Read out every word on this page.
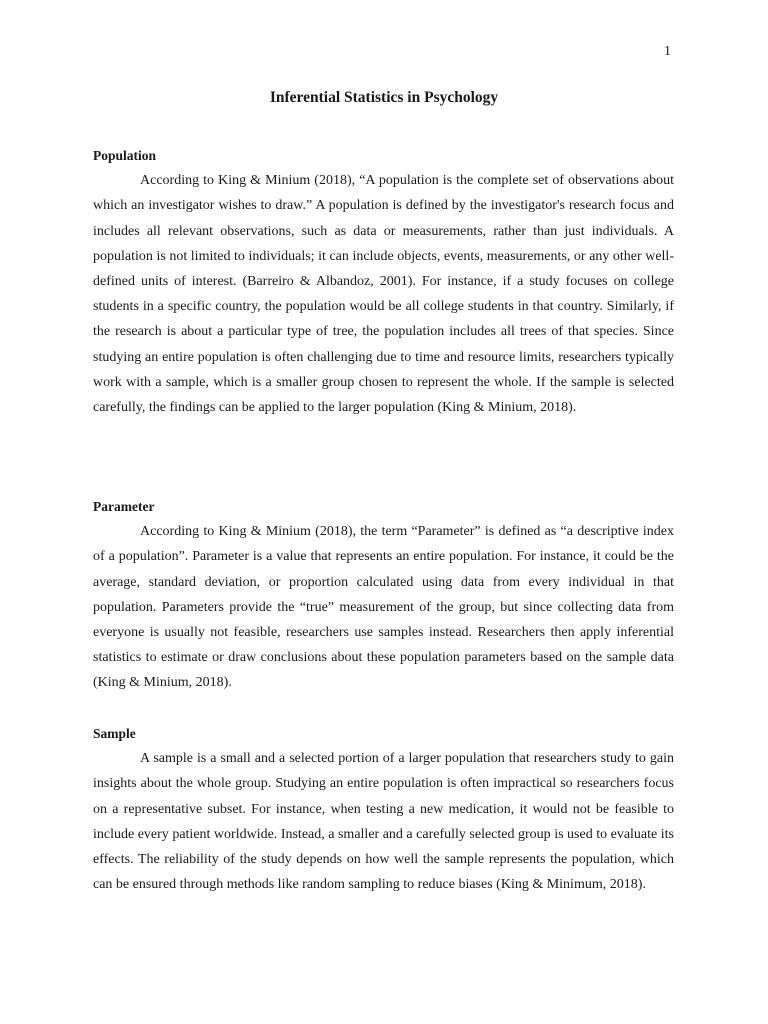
1
Inferential Statistics in Psychology

Population

According to King & Minium (2018), “A population is the complete set of observations about which an investigator wishes to draw.” A population is defined by the investigator's research focus and includes all relevant observations, such as data or measurements, rather than just individuals. A population is not limited to individuals; it can include objects, events, measurements, or any other well-defined units of interest. (Barreiro & Albandoz, 2001). For instance, if a study focuses on college students in a specific country, the population would be all college students in that country. Similarly, if the research is about a particular type of tree, the population includes all trees of that species. Since studying an entire population is often challenging due to time and resource limits, researchers typically work with a sample, which is a smaller group chosen to represent the whole. If the sample is selected carefully, the findings can be applied to the larger population (King & Minium, 2018).

Parameter

According to King & Minium (2018), the term “Parameter” is defined as “a descriptive index of a population”. Parameter is a value that represents an entire population. For instance, it could be the average, standard deviation, or proportion calculated using data from every individual in that population. Parameters provide the “true” measurement of the group, but since collecting data from everyone is usually not feasible, researchers use samples instead. Researchers then apply inferential statistics to estimate or draw conclusions about these population parameters based on the sample data (King & Minium, 2018).

Sample

A sample is a small and a selected portion of a larger population that researchers study to gain insights about the whole group. Studying an entire population is often impractical so researchers focus on a representative subset. For instance, when testing a new medication, it would not be feasible to include every patient worldwide. Instead, a smaller and a carefully selected group is used to evaluate its effects. The reliability of the study depends on how well the sample represents the population, which can be ensured through methods like random sampling to reduce biases (King & Minimum, 2018).
